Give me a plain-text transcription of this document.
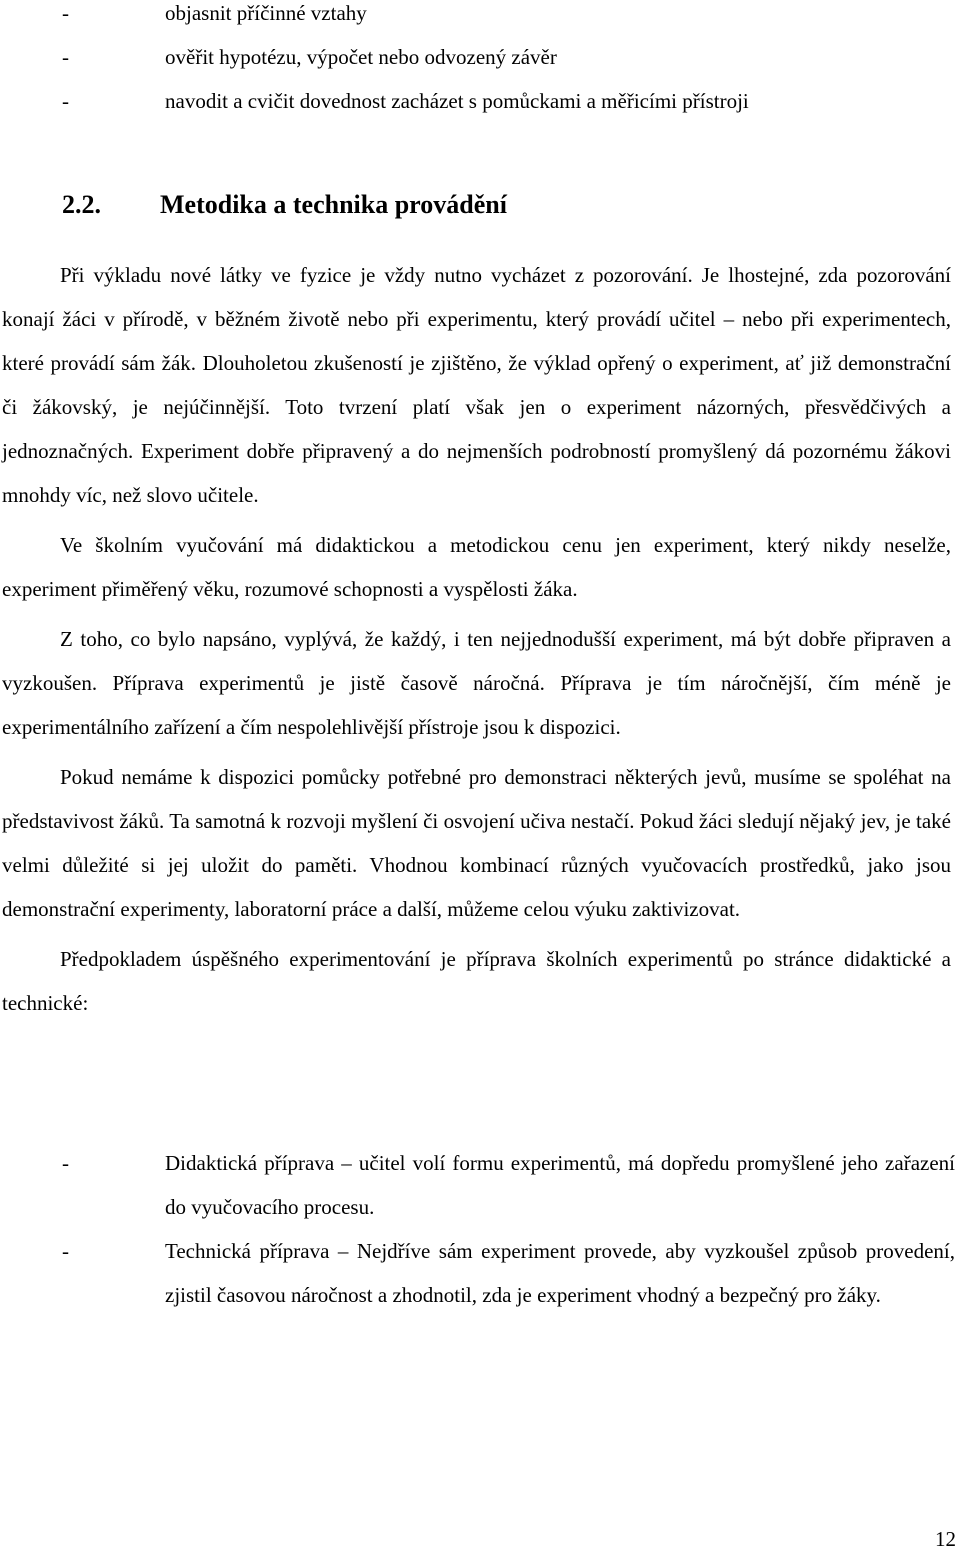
-	objasnit příčinné vztahy
-	ověřit hypotézu, výpočet nebo odvozený závěr
-	navodit a cvičit dovednost zacházet s pomůckami a měřicími přístroji
2.2. Metodika a technika provádění

Při výkladu nové látky ve fyzice je vždy nutno vycházet z pozorování. Je lhostejné, zda pozorování konají žáci v přírodě, v běžném životě nebo při experimentu, který provádí učitel – nebo při experimentech, které provádí sám žák. Dlouholetou zkušeností je zjištěno, že výklad opřený o experiment, ať již demonstrační či žákovský, je nejúčinnější. Toto tvrzení platí však jen o experiment názorných, přesvědčivých a jednoznačných. Experiment dobře připravený a do nejmenších podrobností promyšlený dá pozornému žákovi mnohdy víc, než slovo učitele.

Ve školním vyučování má didaktickou a metodickou cenu jen experiment, který nikdy neselže, experiment přiměřený věku, rozumové schopnosti a vyspělosti žáka.

Z toho, co bylo napsáno, vyplývá, že každý, i ten nejjednodušší experiment, má být dobře připraven a vyzkoušen. Příprava experimentů je jistě časově náročná. Příprava je tím náročnější, čím méně je experimentálního zařízení a čím nespolehlivější přístroje jsou k dispozici.

Pokud nemáme k dispozici pomůcky potřebné pro demonstraci některých jevů, musíme se spoléhat na představivost žáků. Ta samotná k rozvoji myšlení či osvojení učiva nestačí. Pokud žáci sledují nějaký jev, je také velmi důležité si jej uložit do paměti. Vhodnou kombinací různých vyučovacích prostředků, jako jsou demonstrační experimenty, laboratorní práce a další, můžeme celou výuku zaktivizovat.

Předpokladem úspěšného experimentování je příprava školních experimentů po stránce didaktické a technické:

-	Didaktická příprava – učitel volí formu experimentů, má dopředu promyšlené jeho zařazení do vyučovacího procesu.
-	Technická příprava – Nejdříve sám experiment provede, aby vyzkoušel způsob provedení, zjistil časovou náročnost a zhodnotil, zda je experiment vhodný a bezpečný pro žáky.
12
